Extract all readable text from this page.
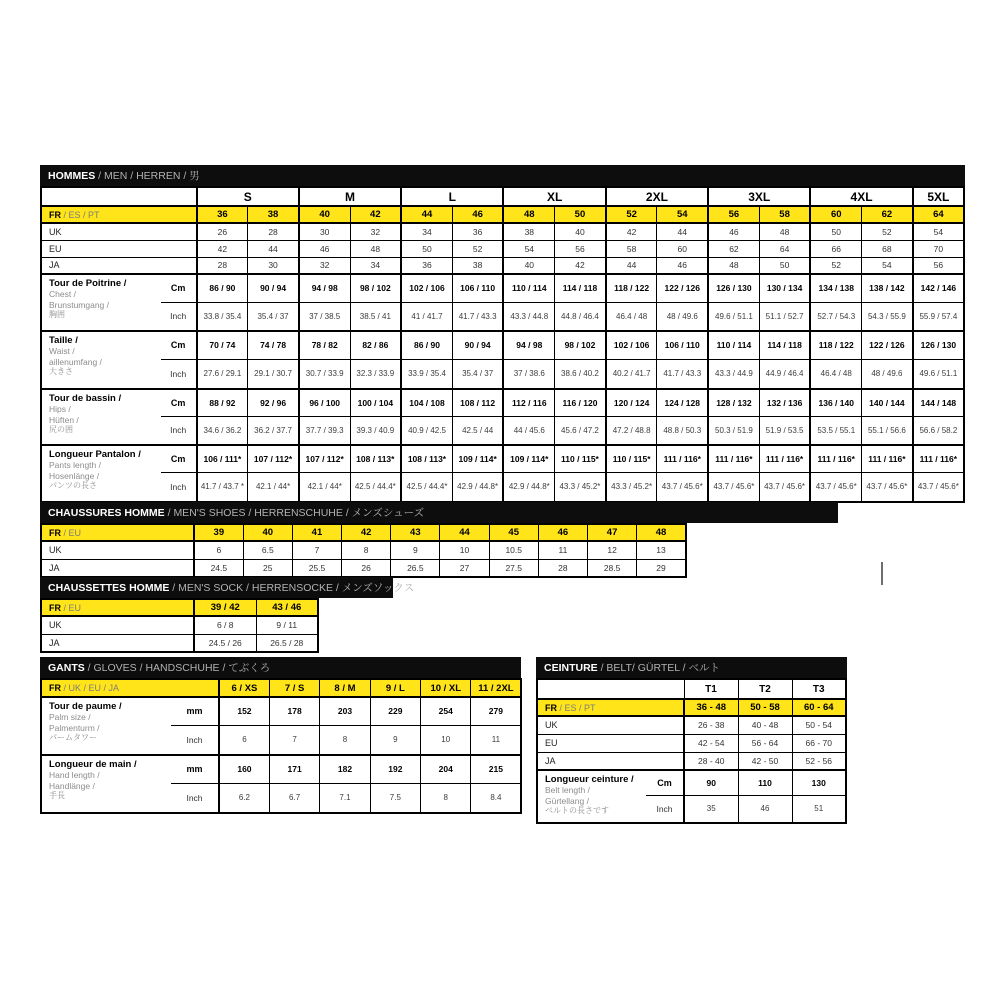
HOMMES / MEN / HERREN / 男
		S		M		L		XL		2XL		3XL		4XL		5XL
FR / ES / PT		36	38	40	42	44	46	48	50	52	54	56	58	60	62	64
UK		26	28	30	32	34	36	38	40	42	44	46	48	50	52	54
EU		42	44	46	48	50	52	54	56	58	60	62	64	66	68	70
JA		28	30	32	34	36	38	40	42	44	46	48	50	52	54	56

Tour de Poitrine /
Chest /
Brunstumgang /
胸囲	Cm	86 / 90	90 / 94	94 / 98	98 / 102	102 / 106	106 / 110	110 / 114	114 / 118	118 / 122	122 / 126	126 / 130	130 / 134	134 / 138	138 / 142	142 / 146
	Inch	33.8 / 35.4	35.4 / 37	37 / 38.5	38.5 / 41	41 / 41.7	41.7 / 43.3	43.3 / 44.8	44.8 / 46.4	46.4 / 48	48 / 49.6	49.6 / 51.1	51.1 / 52.7	52.7 / 54.3	54.3 / 55.9	55.9 / 57.4

Taille /
Waist /
aillenumfang /
大きさ	Cm	70 / 74	74 / 78	78 / 82	82 / 86	86 / 90	90 / 94	94 / 98	98 / 102	102 / 106	106 / 110	110 / 114	114 / 118	118 / 122	122 / 126	126 / 130
	Inch	27.6 / 29.1	29.1 / 30.7	30.7 / 33.9	32.3 / 33.9	33.9 / 35.4	35.4 / 37	37 / 38.6	38.6 / 40.2	40.2 / 41.7	41.7 / 43.3	43.3 / 44.9	44.9 / 46.4	46.4 / 48	48 / 49.6	49.6 / 51.1

Tour de bassin /
Hips /
Hüften /
尻の囲	Cm	88 / 92	92 / 96	96 / 100	100 / 104	104 / 108	108 / 112	112 / 116	116 / 120	120 / 124	124 / 128	128 / 132	132 / 136	136 / 140	140 / 144	144 / 148
	Inch	34.6 / 36.2	36.2 / 37.7	37.7 / 39.3	39.3 / 40.9	40.9 / 42.5	42.5 / 44	44 / 45.6	45.6 / 47.2	47.2 / 48.8	48.8 / 50.3	50.3 / 51.9	51.9 / 53.5	53.5 / 55.1	55.1 / 56.6	56.6 / 58.2

Longueur Pantalon /
Pants length /
Hosenlänge /
パンツの長さ	Cm	106 / 111*	107 / 112*	107 / 112*	108 / 113*	108 / 113*	109 / 114*	109 / 114*	110 / 115*	110 / 115*	111 / 116*	111 / 116*	111 / 116*	111 / 116*	111 / 116*	111 / 116*
	Inch	41.7 / 43.7 *	42.1 / 44*	42.1 / 44*	42.5 / 44.4*	42.5 / 44.4*	42.9 / 44.8*	42.9 / 44.8*	43.3 / 45.2*	43.3 / 45.2*	43.7 / 45.6*	43.7 / 45.6*	43.7 / 45.6*	43.7 / 45.6*	43.7 / 45.6*	43.7 / 45.6*
CHAUSSURES HOMME / MEN'S SHOES / HERRENSCHUHE / メンズシューズ
FR / EU	39	40	41	42	43	44	45	46	47	48
UK	6	6.5	7	8	9	10	10.5	11	12	13
JA	24.5	25	25.5	26	26.5	27	27.5	28	28.5	29
CHAUSSETTES HOMME / MEN'S SOCK / HERRENSOCKE / メンズソックス
FR / EU	39 / 42	43 / 46
UK	6 / 8	9 / 11
JA	24.5 / 26	26.5 / 28
GANTS / GLOVES / HANDSCHUHE / てぶくろ
FR / UK / EU / JA		6 / XS	7 / S	8 / M	9 / L	10 / XL	11 / 2XL

Tour de paume /
Palm size /
Palmenturm /
パームタワー	mm	152	178	203	229	254	279
	Inch	6	7	8	9	10	11

Longueur de main /
Hand length /
Handlänge /
手長	mm	160	171	182	192	204	215
	Inch	6.2	6.7	7.1	7.5	8	8.4
CEINTURE / BELT/ GÜRTEL / ベルト
		T1	T2	T3
FR / ES / PT		36 - 48	50 - 58	60 - 64
UK		26 - 38	40 - 48	50 - 54
EU		42 - 54	56 - 64	66 - 70
JA		28 - 40	42 - 50	52 - 56

Longueur ceinture /
Belt length /
Gürtellang /
ベルトの長さです	Cm	90	110	130
	Inch	35	46	51
